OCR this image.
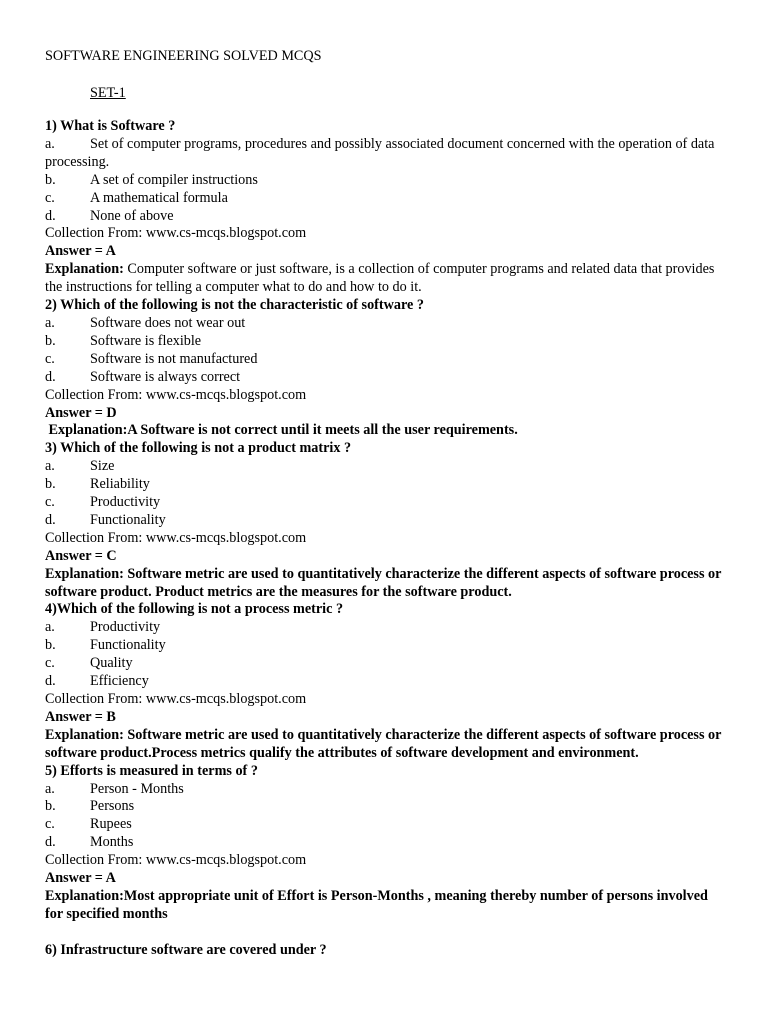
SOFTWARE ENGINEERING SOLVED MCQS
SET-1
1) What is Software ?
a. Set of computer programs, procedures and possibly associated document concerned with the operation of data processing.
b. A set of compiler instructions
c. A mathematical formula
d. None of above
Collection From: www.cs-mcqs.blogspot.com
Answer = A
Explanation: Computer software or just software, is a collection of computer programs and related data that provides the instructions for telling a computer what to do and how to do it.
2) Which of the following is not the characteristic of software ?
a. Software does not wear out
b. Software is flexible
c. Software is not manufactured
d. Software is always correct
Collection From: www.cs-mcqs.blogspot.com
Answer = D
Explanation:A Software is not correct until it meets all the user requirements.
3) Which of the following is not a product matrix ?
a. Size
b. Reliability
c. Productivity
d. Functionality
Collection From: www.cs-mcqs.blogspot.com
Answer = C
Explanation: Software metric are used to quantitatively characterize the different aspects of software process or software product. Product metrics are the measures for the software product.
4)Which of the following is not a process metric ?
a. Productivity
b. Functionality
c. Quality
d. Efficiency
Collection From: www.cs-mcqs.blogspot.com
Answer = B
Explanation: Software metric are used to quantitatively characterize the different aspects of software process or software product.Process metrics qualify the attributes of software development and environment.
5) Efforts is measured in terms of ?
a. Person - Months
b. Persons
c. Rupees
d. Months
Collection From: www.cs-mcqs.blogspot.com
Answer = A
Explanation:Most appropriate unit of Effort is Person-Months , meaning thereby number of persons involved for specified months
6) Infrastructure software are covered under ?
